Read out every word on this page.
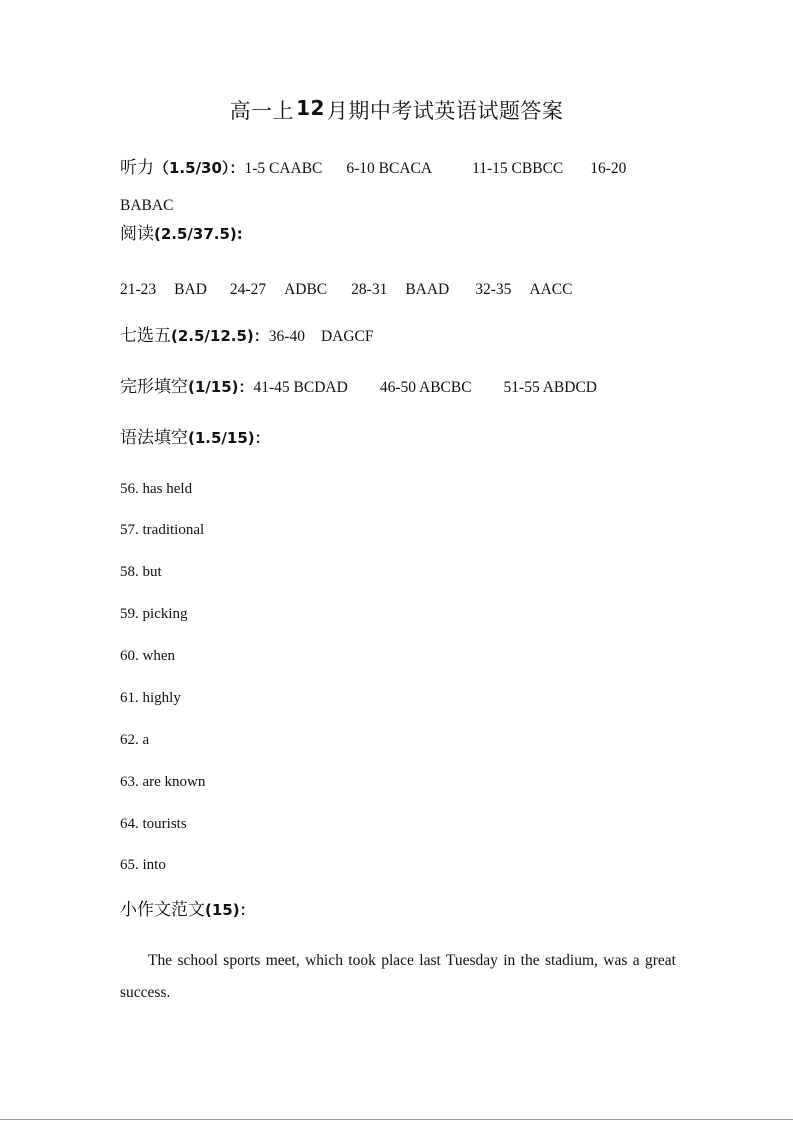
高一上 12月期中考试英语试题答案
听力（1.5/30）：1-5 CAABC 6-10 BCACA	11-15 CBBCC 16-20
BABAC
阅读(2.5/37.5):
21-23 BAD 24-27 ADBC 28-31 BAAD 32-35 AACC
七选五(2.5/12.5)：36-40 DAGCF
完形填空(1/15)：41-45 BCDAD 46-50 ABCBC 51-55 ABDCD
语法填空(1.5/15)：
56. has held
57. traditional
58. but
59. picking
60. when
61. highly
62. a
63. are known
64. tourists
65. into
小作文范文(15)：
The school sports meet, which took place last Tuesday in the stadium, was a great success.
